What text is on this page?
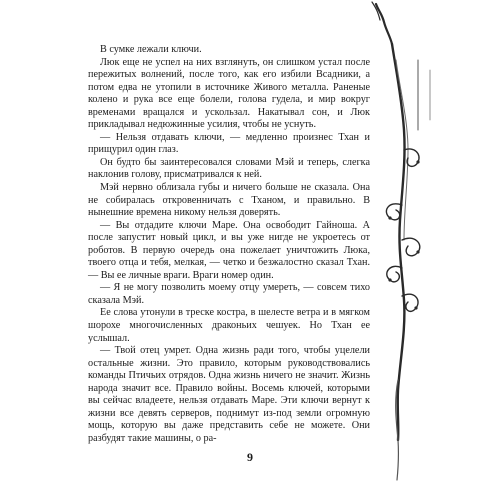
В сумке лежали ключи.

Люк еще не успел на них взглянуть, он слишком устал после пережитых волнений, после того, как его избили Всадники, а потом едва не утопили в источнике Живого металла. Раненые колено и рука все еще болели, голова гудела, и мир вокруг временами вращался и ускользал. Накатывал сон, и Люк прикладывал недюжинные усилия, чтобы не уснуть.

— Нельзя отдавать ключи, — медленно произнес Тхан и прищурил один глаз.

Он будто бы заинтересовался словами Мэй и теперь, слегка наклонив голову, присматривался к ней.

Мэй нервно облизала губы и ничего больше не сказала. Она не собиралась откровенничать с Тханом, и правильно. В нынешние времена никому нельзя доверять.

— Вы отдадите ключи Маре. Она освободит Гайноша. А после запустит новый цикл, и вы уже нигде не укроетесь от роботов. В первую очередь она пожелает уничтожить Люка, твоего отца и тебя, мелкая, — четко и безжалостно сказал Тхан. — Вы ее личные враги. Враги номер один.

— Я не могу позволить моему отцу умереть, — совсем тихо сказала Мэй.

Ее слова утонули в треске костра, в шелесте ветра и в мягком шорохе многочисленных драконьих чешуек. Но Тхан ее услышал.

— Твой отец умрет. Одна жизнь ради того, чтобы уцелели остальные жизни. Это правило, которым руководствовались команды Птичьих отрядов. Одна жизнь ничего не значит. Жизнь народа значит все. Правило войны. Восемь ключей, которыми вы сейчас владеете, нельзя отдавать Маре. Эти ключи вернут к жизни все девять серверов, поднимут из-под земли огромную мощь, которую вы даже представить себе не можете. Они разбудят такие машины, о ра-

9
